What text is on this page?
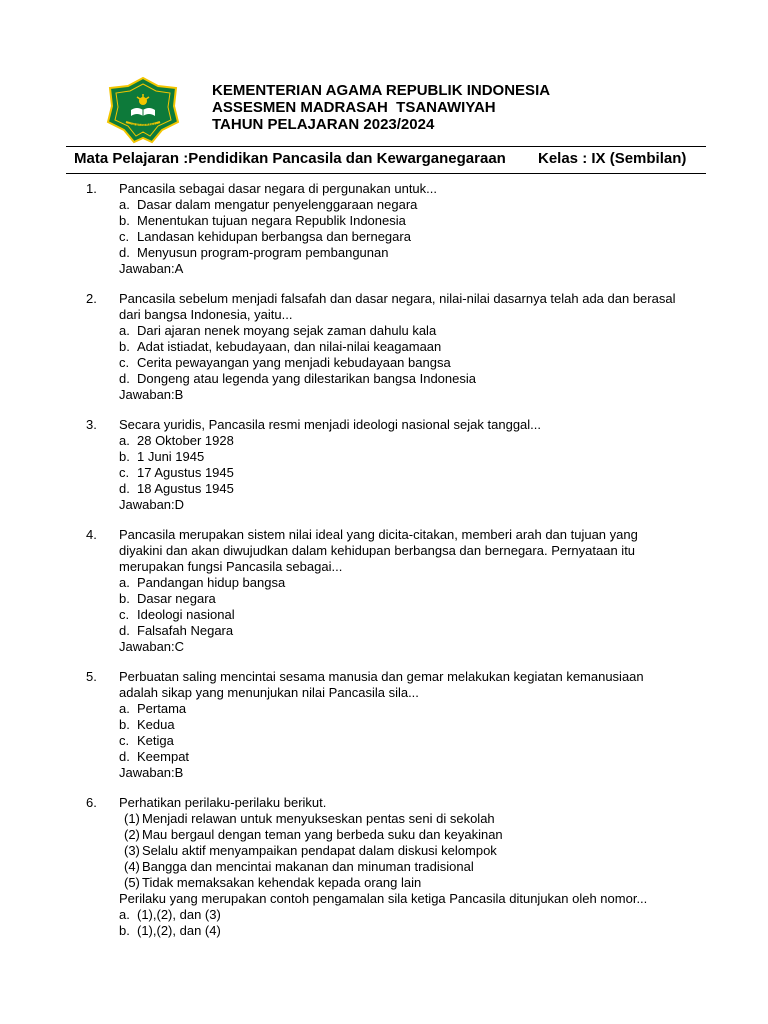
IKHLAS BERAMAL
KEMENTERIAN AGAMA REPUBLIK INDONESIA
ASSESMEN MADRASAH  TSANAWIYAH
TAHUN PELAJARAN 2023/2024
Mata Pelajaran :Pendidikan Pancasila dan Kewarganegaraan Kelas : IX (Sembilan)
1. Pancasila sebagai dasar negara di pergunakan untuk...
a. Dasar dalam mengatur penyelenggaraan negara
b. Menentukan tujuan negara Republik Indonesia
c. Landasan kehidupan berbangsa dan bernegara
d. Menyusun program-program pembangunan
Jawaban:A
2. Pancasila sebelum menjadi falsafah dan dasar negara, nilai-nilai dasarnya telah ada dan berasal dari bangsa Indonesia, yaitu...
a. Dari ajaran nenek moyang sejak zaman dahulu kala
b. Adat istiadat, kebudayaan, dan nilai-nilai keagamaan
c. Cerita pewayangan yang menjadi kebudayaan bangsa
d. Dongeng atau legenda yang dilestarikan bangsa Indonesia
Jawaban:B
3. Secara yuridis, Pancasila resmi menjadi ideologi nasional sejak tanggal...
a. 28 Oktober 1928
b. 1 Juni 1945
c. 17 Agustus 1945
d. 18 Agustus 1945
Jawaban:D
4. Pancasila merupakan sistem nilai ideal yang dicita-citakan, memberi arah dan tujuan yang diyakini dan akan diwujudkan dalam kehidupan berbangsa dan bernegara. Pernyataan itu merupakan fungsi Pancasila sebagai...
a. Pandangan hidup bangsa
b. Dasar negara
c. Ideologi nasional
d. Falsafah Negara
Jawaban:C
5. Perbuatan saling mencintai sesama manusia dan gemar melakukan kegiatan kemanusiaan adalah sikap yang menunjukan nilai Pancasila sila...
a. Pertama
b. Kedua
c. Ketiga
d. Keempat
Jawaban:B
6. Perhatikan perilaku-perilaku berikut.
(1) Menjadi relawan untuk menyukseskan pentas seni di sekolah
(2) Mau bergaul dengan teman yang berbeda suku dan keyakinan
(3) Selalu aktif menyampaikan pendapat dalam diskusi kelompok
(4) Bangga dan mencintai makanan dan minuman tradisional
(5) Tidak memaksakan kehendak kepada orang lain
Perilaku yang merupakan contoh pengamalan sila ketiga Pancasila ditunjukan oleh nomor...
a. (1),(2), dan (3)
b. (1),(2), dan (4)
